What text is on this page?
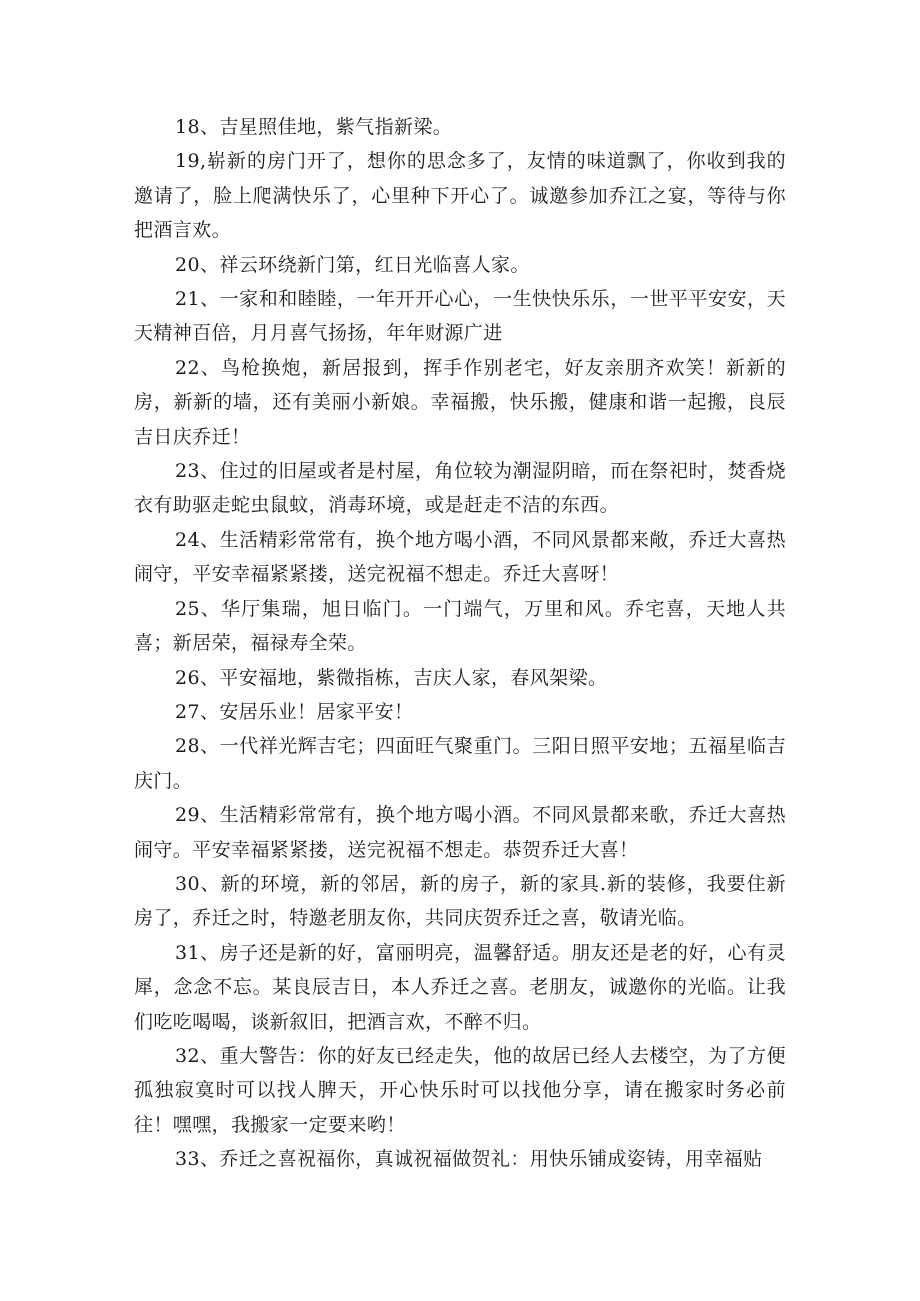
18、吉星照佳地，紫气指新梁。

19,崭新的房门开了，想你的思念多了，友情的味道飘了，你收到我的邀请了，脸上爬满快乐了，心里种下开心了。诚邀参加乔江之宴，等待与你把酒言欢。

20、祥云环绕新门第，红日光临喜人家。

21、一家和和睦睦，一年开开心心，一生快快乐乐，一世平平安安，天天精神百倍，月月喜气扬扬，年年财源广进

22、鸟枪换炮，新居报到，挥手作别老宅，好友亲朋齐欢笑！新新的房，新新的墙，还有美丽小新娘。幸福搬，快乐搬，健康和谐一起搬，良辰吉日庆乔迁！

23、住过的旧屋或者是村屋，角位较为潮湿阴暗，而在祭祀时，焚香烧衣有助驱走蛇虫鼠蚊，消毒环境，或是赶走不洁的东西。

24、生活精彩常常有，换个地方喝小酒，不同风景都来敞，乔迁大喜热闹守，平安幸福紧紧搂，送完祝福不想走。乔迁大喜呀！

25、华厅集瑞，旭日临门。一门端气，万里和风。乔宅喜，天地人共喜；新居荣，福禄寿全荣。

26、平安福地，紫微指栋，吉庆人家，春风架梁。

27、安居乐业！居家平安！

28、一代祥光辉吉宅；四面旺气聚重门。三阳日照平安地；五福星临吉庆门。

29、生活精彩常常有，换个地方喝小酒。不同风景都来歌，乔迁大喜热闹守。平安幸福紧紧搂，送完祝福不想走。恭贺乔迁大喜！

30、新的环境，新的邻居，新的房子，新的家具.新的装修，我要住新房了，乔迁之时，特邀老朋友你，共同庆贺乔迁之喜，敬请光临。

31、房子还是新的好，富丽明亮，温馨舒适。朋友还是老的好，心有灵犀，念念不忘。某良辰吉日，本人乔迁之喜。老朋友，诚邀你的光临。让我们吃吃喝喝，谈新叙旧，把酒言欢，不醉不归。

32、重大警告：你的好友已经走失，他的故居已经人去楼空，为了方便孤独寂寞时可以找人脾天，开心快乐时可以找他分享，请在搬家时务必前往！嘿嘿，我搬家一定要来哟！

33、乔迁之喜祝福你，真诚祝福做贺礼：用快乐铺成姿铸，用幸福贴
